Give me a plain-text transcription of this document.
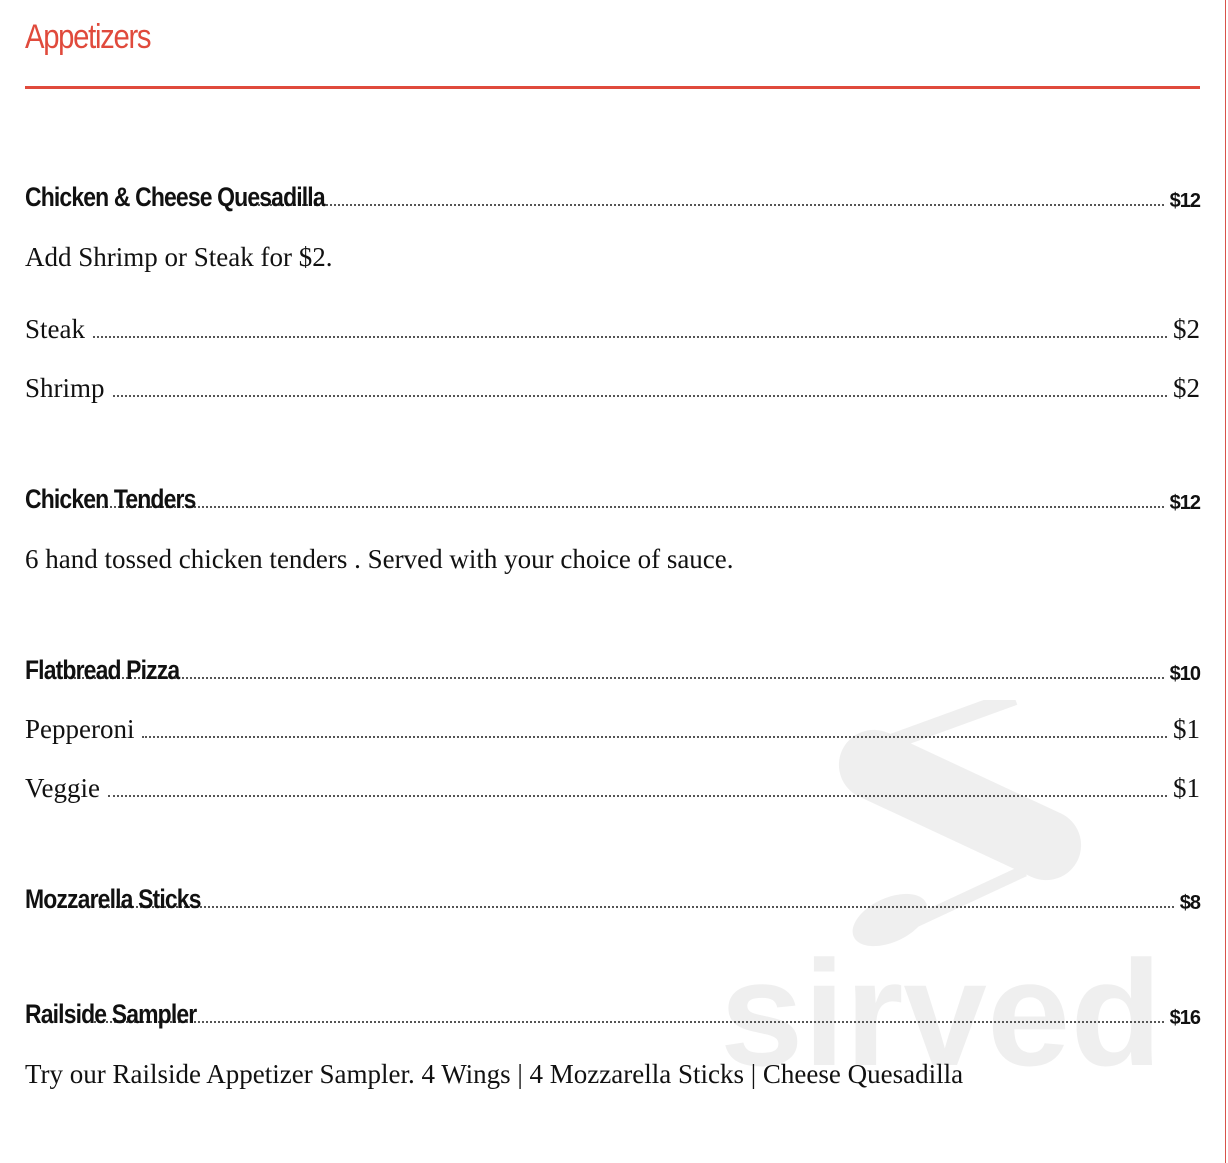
sirved
Appetizers
Chicken & Cheese Quesadilla	$12
Add Shrimp or Steak for $2.
Steak	$2
Shrimp	$2
Chicken Tenders	$12
6 hand tossed chicken tenders . Served with your choice of sauce.
Flatbread Pizza	$10
Pepperoni	$1
Veggie	$1
Mozzarella Sticks	$8
Railside Sampler	$16
Try our Railside Appetizer Sampler. 4 Wings | 4 Mozzarella Sticks | Cheese Quesadilla
